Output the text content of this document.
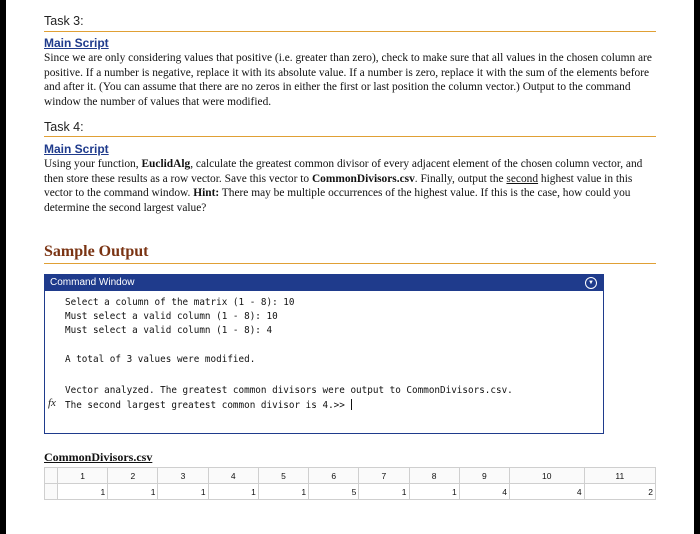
Task 3:
Main Script

Since we are only considering values that positive (i.e. greater than zero), check to make sure that all values in the chosen column are positive. If a number is negative, replace it with its absolute value. If a number is zero, replace it with the sum of the elements before and after it. (You can assume that there are no zeros in either the first or last position the column vector.) Output to the command window the number of values that were modified.

Task 4:
Main Script

Using your function, EuclidAlg, calculate the greatest common divisor of every adjacent element of the chosen column vector, and then store these results as a row vector. Save this vector to CommonDivisors.csv. Finally, output the second highest value in this vector to the command window. Hint: There may be multiple occurrences of the highest value. If this is the case, how could you determine the second largest value?

Sample Output
Command Window	▼
Select a column of the matrix (1 - 8): 10
Must select a valid column (1 - 8): 10
Must select a valid column (1 - 8): 4
A total of 3 values were modified.
Vector analyzed. The greatest common divisors were output to CommonDivisors.csv.
fx The second largest greatest common divisor is 4.>>
CommonDivisors.csv
	1	2	3	4	5	6	7	8	9	10	11
	1	1	1	1	1	5	1	1	4	4	2
